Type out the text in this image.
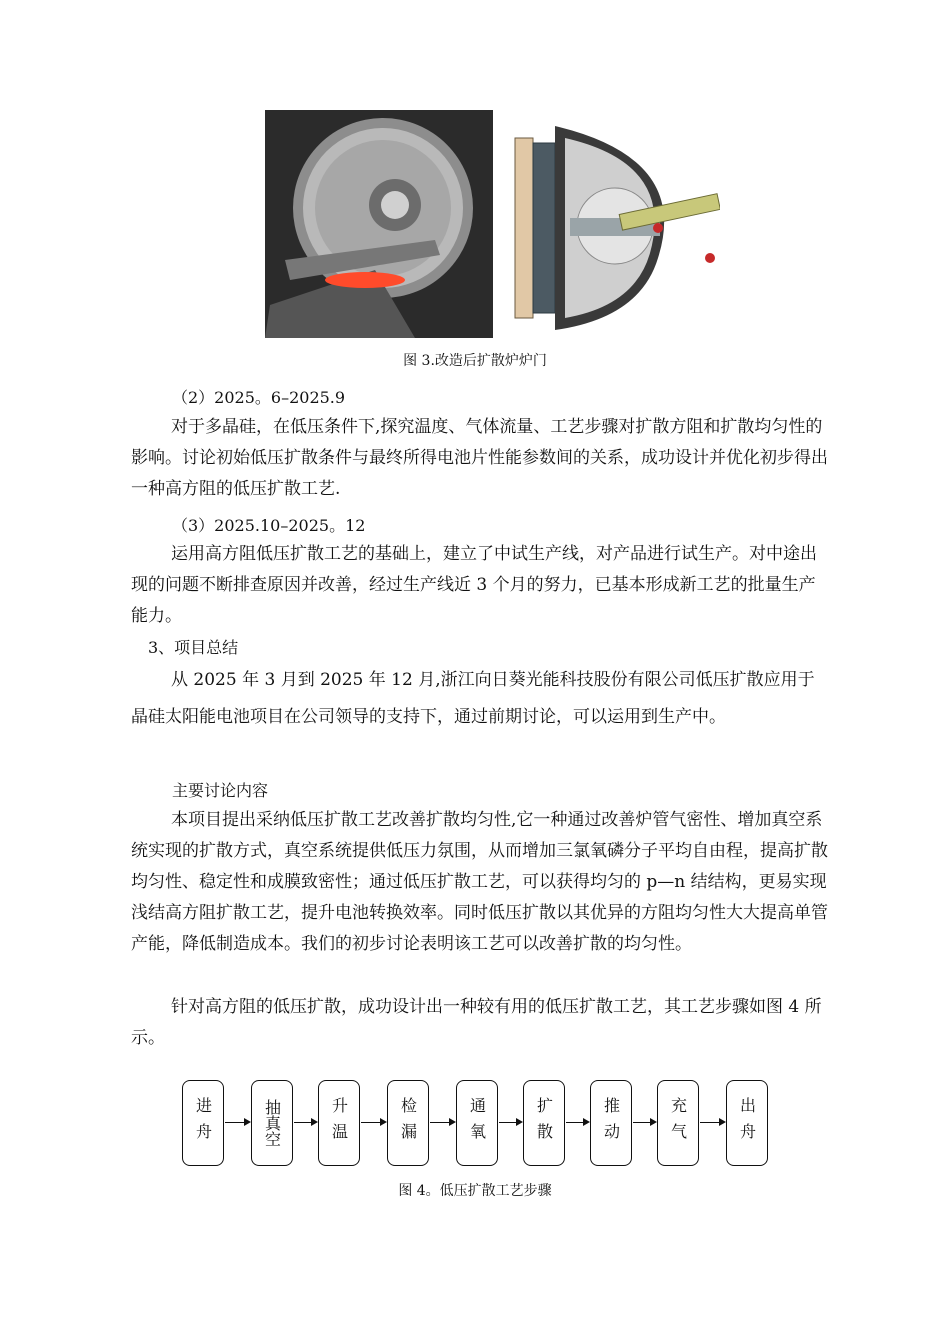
图 3.改造后扩散炉炉门
（2）2025。6–2025.9
对于多晶硅，在低压条件下,探究温度、气体流量、工艺步骤对扩散方阻和扩散均匀性的影响。讨论初始低压扩散条件与最终所得电池片性能参数间的关系，成功设计并优化初步得出一种高方阻的低压扩散工艺.
（3）2025.10–2025。12
运用高方阻低压扩散工艺的基础上，建立了中试生产线，对产品进行试生产。对中途出现的问题不断排查原因并改善，经过生产线近 3 个月的努力，已基本形成新工艺的批量生产能力。
3、项目总结
从 2025 年 3 月到 2025 年 12 月,浙江向日葵光能科技股份有限公司低压扩散应用于晶硅太阳能电池项目在公司领导的支持下，通过前期讨论，可以运用到生产中。
主要讨论内容
本项目提出采纳低压扩散工艺改善扩散均匀性,它一种通过改善炉管气密性、增加真空系统实现的扩散方式，真空系统提供低压力氛围，从而增加三氯氧磷分子平均自由程，提高扩散均匀性、稳定性和成膜致密性；通过低压扩散工艺，可以获得均匀的 p—n 结结构，更易实现浅结高方阻扩散工艺，提升电池转换效率。同时低压扩散以其优异的方阻均匀性大大提高单管产能，降低制造成本。我们的初步讨论表明该工艺可以改善扩散的均匀性。
针对高方阻的低压扩散，成功设计出一种较有用的低压扩散工艺，其工艺步骤如图 4 所示。
进舟	抽真空	升温	检漏	通氧	扩散	推动	充气	出舟
图 4。低压扩散工艺步骤
